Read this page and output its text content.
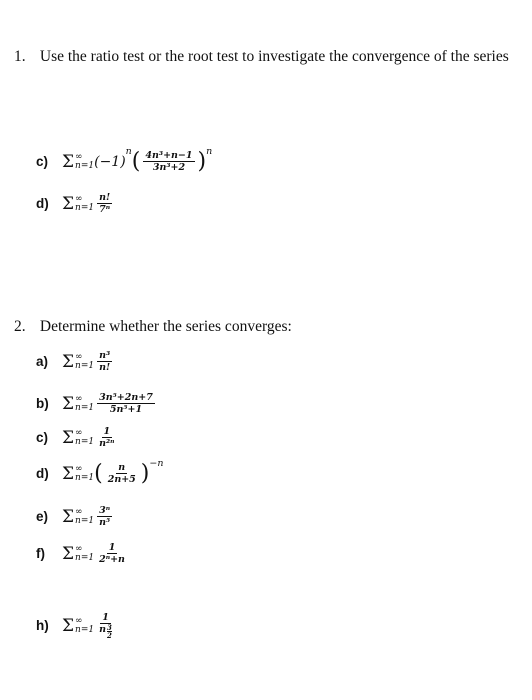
1. Use the ratio test or the root test to investigate the convergence of the series
c) Σ ∞
n=1 (−1)
n ( $\frac{\text{4n³+n−1}}{\text{3n³+2}}$ ) n
d) Σ ∞
$n=1 \frac{n!}{\text{7ⁿ}}$
2. Determine whether the series converges:
a) Σ ∞
$n=1 \frac{\text{n³}}{n!}$
b) Σ ∞
$n=1 \frac{\text{3n⁵+2n+7}}{\text{5n⁵+1}}$
c) Σ ∞
$n=1 \frac{1}{\text{n²ⁿ}}$
d) Σ ∞
n=1 ( $\frac{n}{2n+5}$ ) −n
e) Σ ∞
$n=1 \frac{\text{3ⁿ}}{\text{n⁵}}$
f)	Σ ∞
$n=1 \frac{1}{\text{2ⁿ+n}}$
h) Σ ∞
n=1 1
n 3
2
